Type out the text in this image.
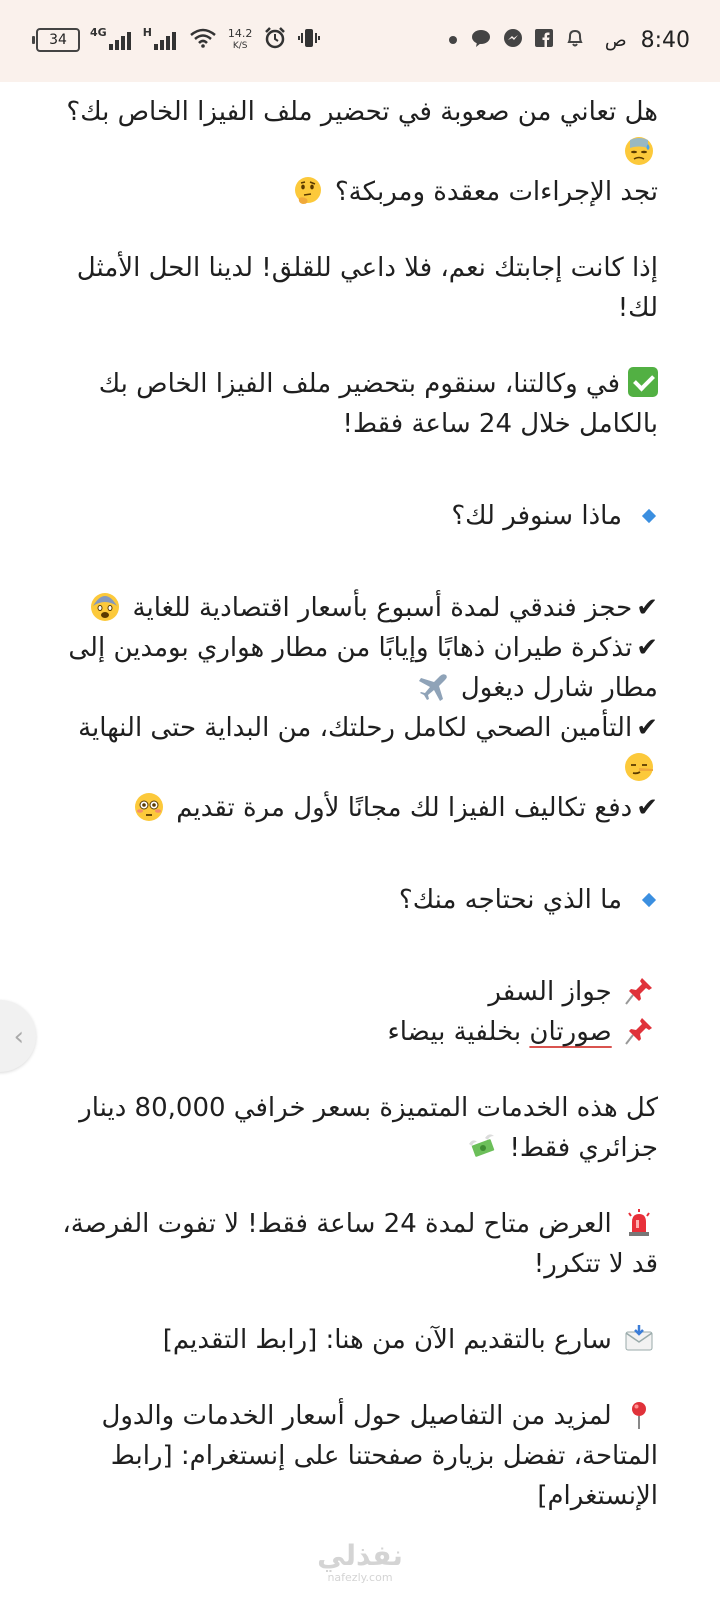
34 4G	H	14.2
K/S	ص 8:40

هل تعاني من صعوبة في تحضير ملف الفيزا الخاص بك؟

تجد الإجراءات معقدة ومربكة؟

إذا كانت إجابتك نعم، فلا داعي للقلق! لدينا الحل الأمثل لك!

في وكالتنا، سنقوم بتحضير ملف الفيزا الخاص بك بالكامل خلال 24 ساعة فقط!

ماذا سنوفر لك؟

✔حجز فندقي لمدة أسبوع بأسعار اقتصادية للغاية

✔تذكرة طيران ذهابًا وإيابًا من مطار هواري بومدين إلى مطار شارل ديغول

✔التأمين الصحي لكامل رحلتك، من البداية حتى النهاية

✔دفع تكاليف الفيزا لك مجانًا لأول مرة تقديم

ما الذي نحتاجه منك؟

جواز السفر

صورتان بخلفية بيضاء

كل هذه الخدمات المتميزة بسعر خرافي 80,000 دينار جزائري فقط!

العرض متاح لمدة 24 ساعة فقط! لا تفوت الفرصة، قد لا تتكرر!

سارع بالتقديم الآن من هنا: [رابط التقديم]

لمزيد من التفاصيل حول أسعار الخدمات والدول المتاحة، تفضل بزيارة صفحتنا على إنستغرام: [رابط الإنستغرام]

‹
نفذلي
nafezly.com
